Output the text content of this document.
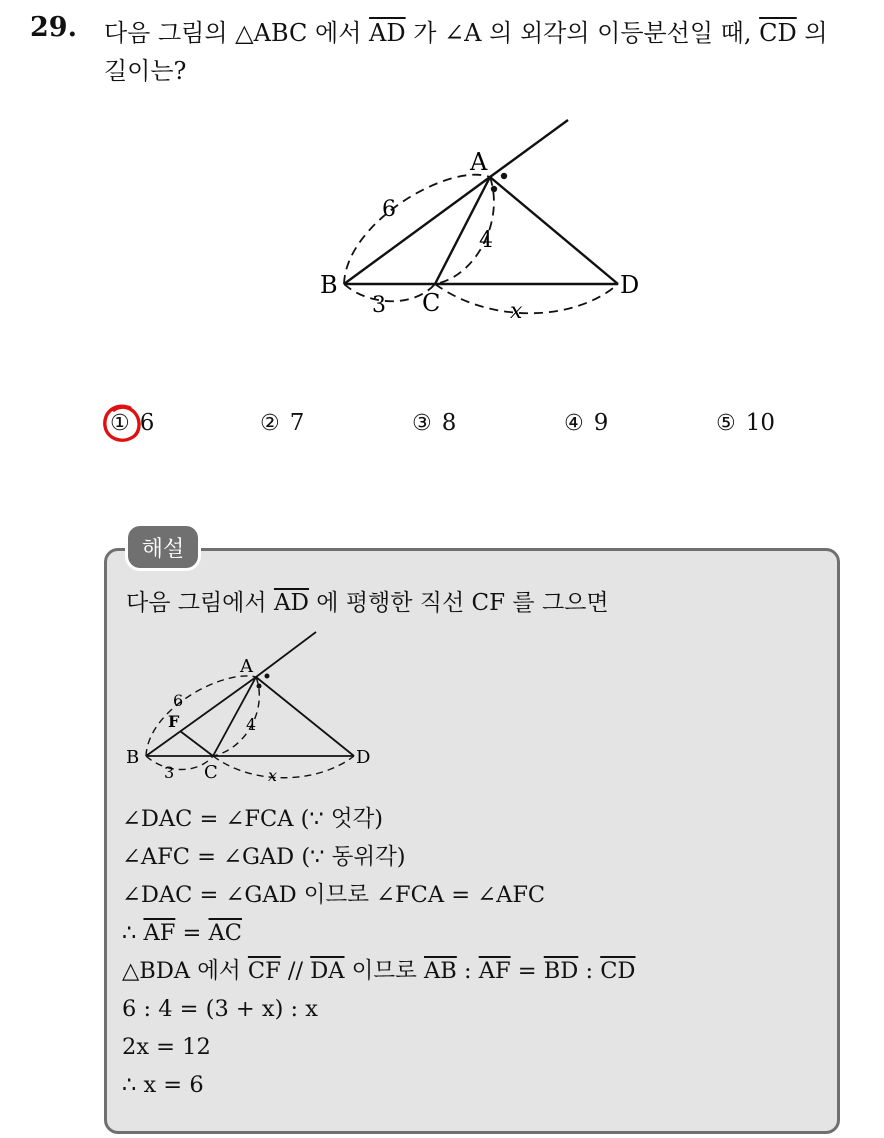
29. 다음 그림의 △ABC 에서 $\overline{AD}$ 가 ∠A 의 외각의 이등분선일 때, $\overline{CD}$ 의
길이는?
A
B
C
D
6
4
3	x
① 6	② 7	③ 8	④ 9	⑤ 10
해설
다음 그림에서 $\overline{AD}$ 에 평행한 직선 CF 를 그으면
A
B
C
D
F
6
4
3	x
∠DAC = ∠FCA (∵ 엇각)
∠AFC = ∠GAD (∵ 동위각)
∠DAC = ∠GAD 이므로 ∠FCA = ∠AFC
∴ $\overline{AF} = \overline{AC}$
△BDA 에서 $\overline{CF} // \overline{DA}$ 이므로 $\overline{AB}$ : $\overline{AF} = \overline{BD}$ : $\overline{CD}$
6 : 4 = (3 + x) : x
2x = 12
∴ x = 6
